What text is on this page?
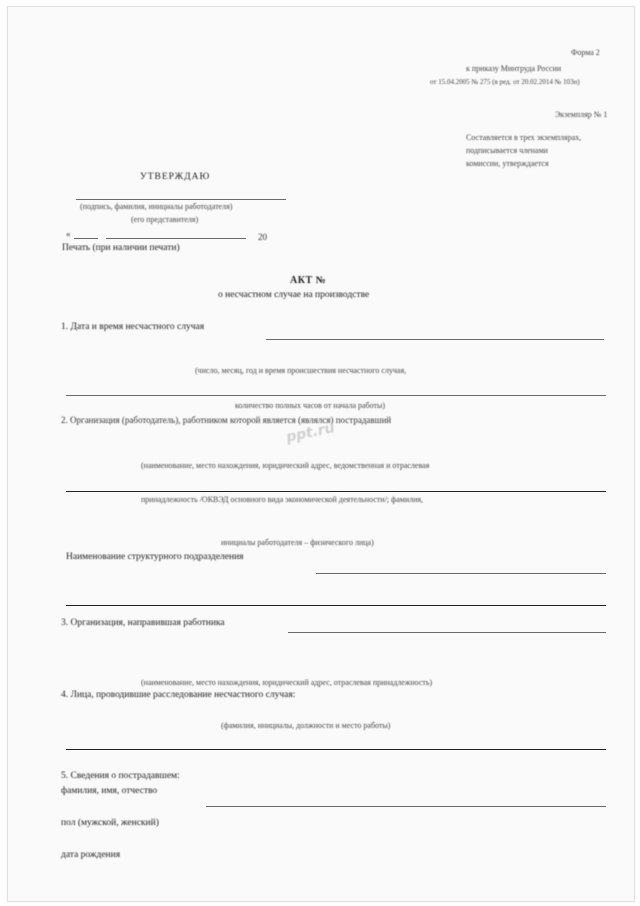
Форма 2
к приказу Минтруда России
от 15.04.2005 № 275 (в ред. от 20.02.2014 № 103н)
Экземпляр № 1
Составляется в трех экземплярах,
подписывается членами
комиссии, утверждается
УТВЕРЖДАЮ
(подпись, фамилия, инициалы работодателя)
(его представителя)
«	20
Печать (при наличии печати)
АКТ №
о несчастном случае на производстве
1. Дата и время несчастного случая
(число, месяц, год и время происшествия несчастного случая,
количество полных часов от начала работы)
2. Организация (работодатель), работником которой является (являлся) пострадавший
(наименование, место нахождения, юридический адрес, ведомственная и отраслевая
принадлежность /ОКВЭД основного вида экономической деятельности/; фамилия,
инициалы работодателя – физического лица)
Наименование структурного подразделения
3. Организация, направившая работника
(наименование, место нахождения, юридический адрес, отраслевая принадлежность)
4. Лица, проводившие расследование несчастного случая:
(фамилия, инициалы, должности и место работы)
5. Сведения о пострадавшем:
фамилия, имя, отчество
пол (мужской, женский)
дата рождения
ppt.ru
